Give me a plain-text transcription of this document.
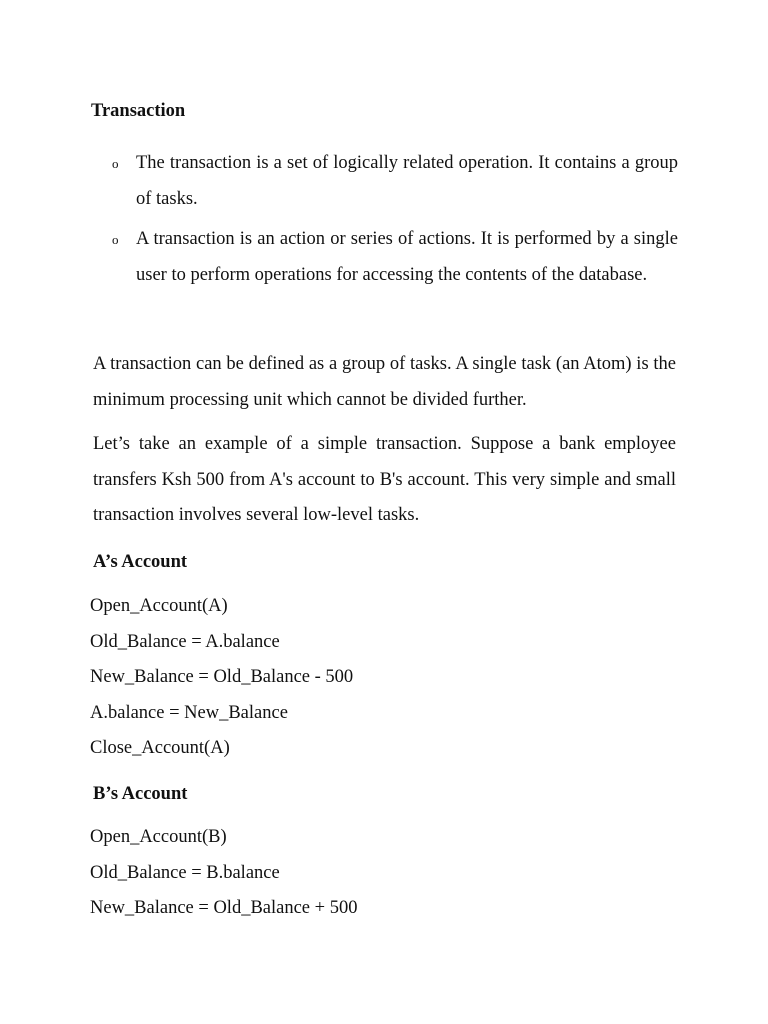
Transaction
o The transaction is a set of logically related operation. It contains a group of tasks.
o A transaction is an action or series of actions. It is performed by a single user to perform operations for accessing the contents of the database.

A transaction can be defined as a group of tasks. A single task (an Atom) is the minimum processing unit which cannot be divided further.

Let’s take an example of a simple transaction. Suppose a bank employee transfers Ksh 500 from A's account to B's account. This very simple and small transaction involves several low-level tasks.

A’s Account
Open_Account(A)
Old_Balance = A.balance
New_Balance = Old_Balance - 500
A.balance = New_Balance
Close_Account(A)
B’s Account
Open_Account(B)
Old_Balance = B.balance
New_Balance = Old_Balance + 500
